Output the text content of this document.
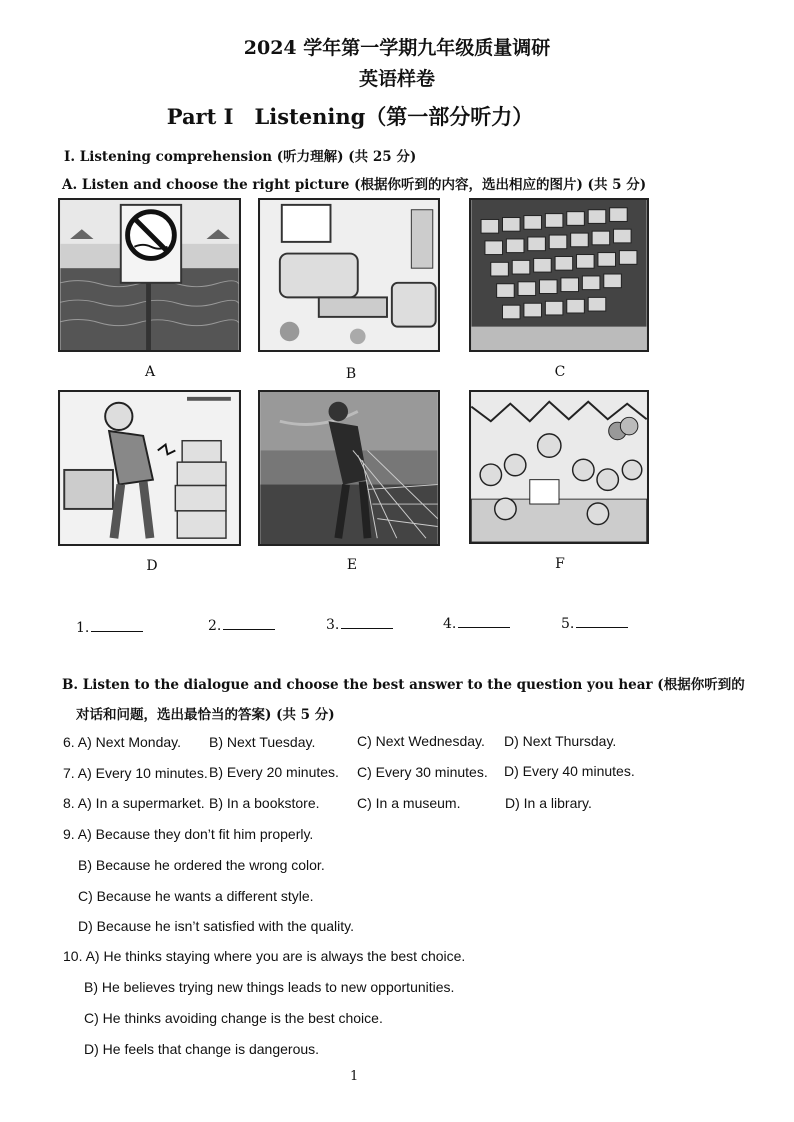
2024 学年第一学期九年级质量调研
英语样卷
Part I　Listening（第一部分听力）
I. Listening comprehension (听力理解) (共 25 分)
A. Listen and choose the right picture (根据你听到的内容，选出相应的图片) (共 5 分)
A	B	C
D	E	F
1.	2.	3.	4.	5.
B. Listen to the dialogue and choose the best answer to the question you hear (根据你听到的
对话和问题，选出最恰当的答案) (共 5 分)
6. A) Next Monday. B) Next Tuesday.	C) Next Wednesday. D) Next Thursday.
7. A) Every 10 minutes. B) Every 20 minutes. C) Every 30 minutes. D) Every 40 minutes.
8. A) In a supermarket. B) In a bookstore.	C) In a museum.	D) In a library.
9. A) Because they don’t fit him properly.
B) Because he ordered the wrong color.
C) Because he wants a different style.
D) Because he isn’t satisfied with the quality.
10. A) He thinks staying where you are is always the best choice.
B) He believes trying new things leads to new opportunities.
C) He thinks avoiding change is the best choice.
D) He feels that change is dangerous.
1
